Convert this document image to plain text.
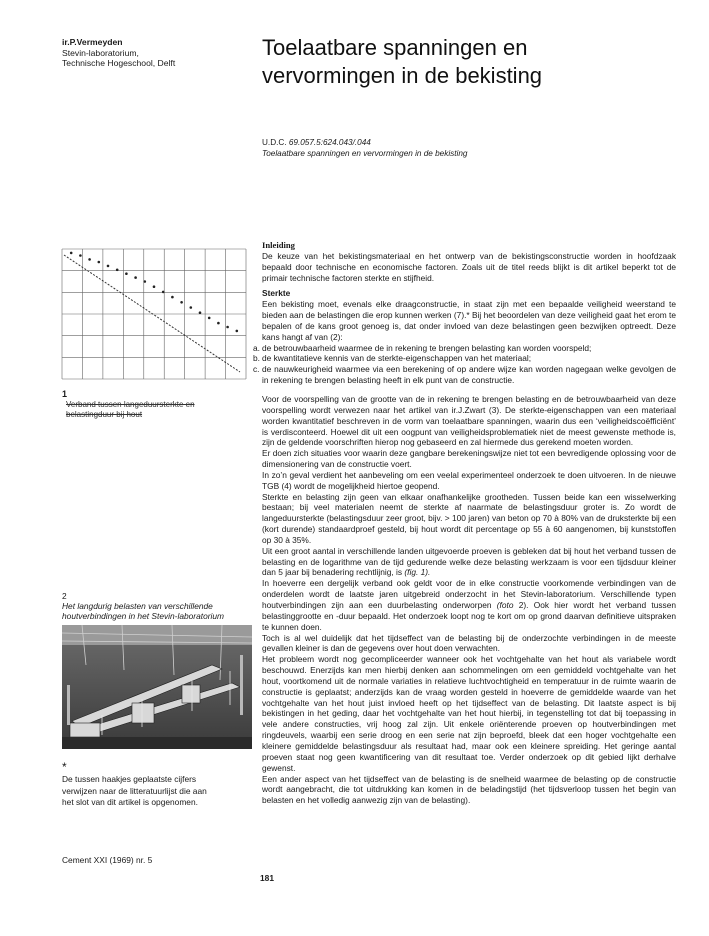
ir.P.Vermeyden
Stevin-laboratorium,
Technische Hogeschool, Delft
Toelaatbare spanningen en
vervormingen in de bekisting
U.D.C. 69.057.5:624.043/.044
Toelaatbare spanningen en vervormingen in de bekisting
1
Verband tussen langeduursterkte en
belastingduur bij hout
2
Het langdurig belasten van verschillende
houtverbindingen in het Stevin-laboratorium
*
De tussen haakjes geplaatste cijfers
verwijzen naar de litteratuurlijst die aan
het slot van dit artikel is opgenomen.
Cement XXI (1969) nr. 5
181

Inleiding

De keuze van het bekistingsmateriaal en het ontwerp van de bekistingsconstructie worden in hoofdzaak bepaald door technische en economische factoren. Zoals uit de titel reeds blijkt is dit artikel beperkt tot de primair technische factoren sterkte en stijfheid.

Sterkte

Een bekisting moet, evenals elke draagconstructie, in staat zijn met een bepaalde veiligheid weerstand te bieden aan de belastingen die erop kunnen werken (7).* Bij het beoordelen van deze veiligheid gaat het erom te bepalen of de kans groot genoeg is, dat onder invloed van deze belastingen geen bezwijken optreedt. Deze kans hangt af van (2):

a. de betrouwbaarheid waarmee de in rekening te brengen belasting kan worden voorspeld;
b. de kwantitatieve kennis van de sterkte-eigenschappen van het materiaal;
c. de nauwkeurigheid waarmee via een berekening of op andere wijze kan worden nagegaan welke gevolgen de in rekening te brengen belasting heeft in elk punt van de constructie.

Voor de voorspelling van de grootte van de in rekening te brengen belasting en de betrouwbaarheid van deze voorspelling wordt verwezen naar het artikel van ir.J.Zwart (3). De sterkte-eigenschappen van een materiaal worden kwantitatief beschreven in de vorm van toelaatbare spanningen, waarin dus een ‘veiligheidscoëfficiënt’ is verdisconteerd. Hoewel dit uit een oogpunt van veiligheidsproblematiek niet de meest gewenste methode is, zijn de geldende voorschriften hierop nog gebaseerd en zal hiermede dus gerekend moeten worden.

Er doen zich situaties voor waarin deze gangbare berekeningswijze niet tot een bevredigende oplossing voor de dimensionering van de constructie voert.

In zo’n geval verdient het aanbeveling om een veelal experimenteel onderzoek te doen uitvoeren. In de nieuwe TGB (4) wordt de mogelijkheid hiertoe geopend.

Sterkte en belasting zijn geen van elkaar onafhankelijke grootheden. Tussen beide kan een wisselwerking bestaan; bij veel materialen neemt de sterkte af naarmate de belastingsduur groter is. Zo wordt de langeduursterkte (belastingsduur zeer groot, bijv. > 100 jaren) van beton op 70 à 80% van de druksterkte bij een (kort durende) standaardproef gesteld, bij hout wordt dit percentage op 55 à 60 aangenomen, bij kunststoffen op 30 à 35%.

Uit een groot aantal in verschillende landen uitgevoerde proeven is gebleken dat bij hout het verband tussen de belasting en de logarithme van de tijd gedurende welke deze belasting werkzaam is voor een tijdsduur kleiner dan 5 jaar bij benadering rechtlijnig, is (fig. 1).

In hoeverre een dergelijk verband ook geldt voor de in elke constructie voorkomende verbindingen van de onderdelen wordt de laatste jaren uitgebreid onderzocht in het Stevin-laboratorium. Verschillende typen houtverbindingen zijn aan een duurbelasting onderworpen (foto 2). Ook hier wordt het verband tussen belastinggrootte en -duur bepaald. Het onderzoek loopt nog te kort om op grond daarvan definitieve uitspraken te kunnen doen.

Toch is al wel duidelijk dat het tijdseffect van de belasting bij de onderzochte verbindingen in de meeste gevallen kleiner is dan de gegevens over hout doen verwachten.

Het probleem wordt nog gecompliceerder wanneer ook het vochtgehalte van het hout als variabele wordt beschouwd. Enerzijds kan men hierbij denken aan schommelingen om een gemiddeld vochtgehalte van het hout, voortkomend uit de normale variaties in relatieve luchtvochtigheid en temperatuur in de ruimte waarin de constructie is geplaatst; anderzijds kan de vraag worden gesteld in hoeverre de gemiddelde waarde van het vochtgehalte van het hout juist invloed heeft op het tijdseffect van de belasting. Dit laatste aspect is bij bekistingen in het geding, daar het vochtgehalte van het hout hierbij, in tegenstelling tot dat bij toepassing in vele andere constructies, vrij hoog zal zijn. Uit enkele oriënterende proeven op houtverbindingen met ringdeuvels, waarbij een serie droog en een serie nat zijn beproefd, bleek dat een hoger vochtgehalte een kleinere gemiddelde belastingsduur als resultaat had, maar ook een kleinere spreiding. Het geringe aantal proeven staat nog geen kwantificering van dit resultaat toe. Verder onderzoek op dit gebied lijkt derhalve gewenst.

Een ander aspect van het tijdseffect van de belasting is de snelheid waarmee de belasting op de constructie wordt aangebracht, die tot uitdrukking kan komen in de beladingstijd (het tijdsverloop tussen het begin van belasten en het volledig aanwezig zijn van de belasting).
